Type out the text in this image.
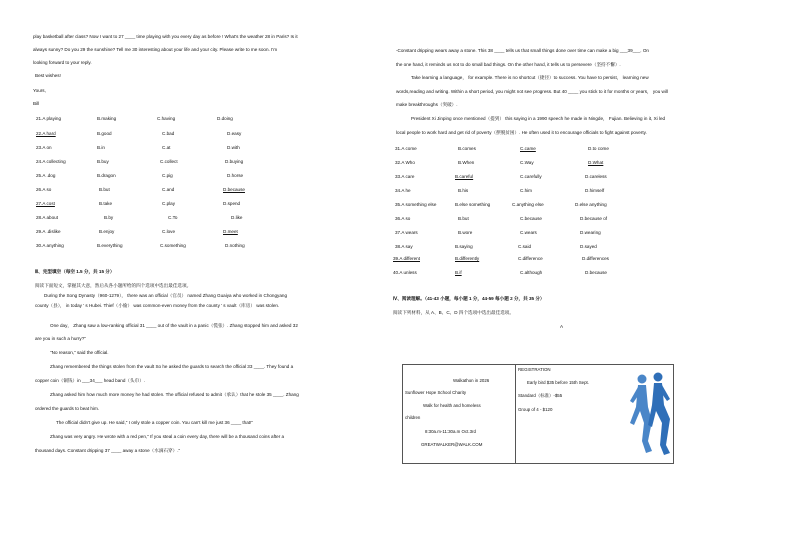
play basketball after class? Now I want to 27 ____ time playing with you every day as before ! What's the weather 28 in Paris? Is it
always sunny? Do you 29 the sunshine? Tell me 30 interesting about your life and your city. Please write to me soon. I'm
looking forward to your reply.
Best wishes!
Yours,
Bill
21.A playing	B.making	C.having	D.doing
22.A hard	B.good	C.bad	D.easy
23.A on	B.in	C.at	D.with
24.A collecting	B.buy	C.collect	D.buying
25.A .dog	B.dragon	C.pig	D.horse
26.A so	B.but	C.and	D.because
27.A cost	B.take	C.play	D.spend
28.A about	B.by	C.To	D.like
29.A .dislike	B.enjoy	C.love	D.meet
30.A anything	B.everything	C.something	D.nothing
Ⅲ、完型填空（每空 1.5 分，共 15 分）
阅读下面短文，掌握其大意，然后从各小题所给的四个选项中选出最佳选项。
During the Song Dynasty（960-1279）， there was an official（官员） named Zhang Guaiya who worked in Chongyang
county（县）， in today ' s Hubei. Thief（小偷） was common-even money from the county ' s vault（库房） was stolen.
One day， Zhang saw a low-ranking official 31 ____ out of the vault in a panic（慌张）. Zhang stopped him and asked 32
are you in such a hurry?"
"No reason," said the official.
Zhang remembered the things stolen from the vault So he asked the guards to search the official 33 ____. They found a
copper coin（铜钱）in ___34___ head band（头巾）.
Zhang asked him how much more money he had stolen. The official refused to admit（承认）that he stole 35 ____. Zhang
ordered the guards to beat him.
The official didn't give up. He said," I only stole a copper coin. You can't kill me just 36 ____ that!"
Zhang was very angry. He wrote with a red pen," If you steal a coin every day, there will be a thousand coins after a
thousand days. Constant dripping 37 ____ away a stone（水滴石穿）."
-Constant dripping wears away a stone. This 38 ____ tells us that small things done over time can make a big ___39___. On
the one hand, it reminds us not to do small bad things. On the other hand, it tells us to persevere（坚持不懈）.
Take learning a language， for example. There is no shortcut（捷径）to success. You have to persist， learning new
words,reading and writing. Within a short period, you might not see progress. But 40 ____ you stick to it for months or years， you will
make breakthroughs（突破）.
President Xi Jinping once mentioned（提到） this saying in a 1990 speech he made in Ningde， Fujian. Believing in it, Xi led
local people to work hard and get rid of poverty（摆脱贫困）. He often used it to encourage officials to fight against poverty.
31.A come	B.comes	C.came	D.to come
32.A Who	B.When	C.Way	D.What
33.A care	B.careful	C.carefully	D.careless
34.A he	B.his	C.him	D.himself
35.A something else	B.else something	C.anything else	D.else anything
36.A so	B.but	C.because	D.because of
37.A wears	B.wore	C.wears	D.wearing
38.A say	B.saying	C.said	D.sayed
39.A different	B.differently	C.difference	D.differences
40.A unless	B.if	C.although	D.because
Ⅳ、阅读理解。（41-43 小题，每小题 1 分，44-59 每小题 2 分，共 35 分）
阅读下列材料，从 A、B、C、D 四个选项中选出最佳选项。
A
Walkathon in 2026
Sunflower Hope School Charity
Walk for health and homeless
children
8:30a.m-11:30a.m Oct.3rd
GREATWALKER@WALK.COM
REGISTRATION
Early bird $35 before 15th Sept.
Standard（标准）-$55
Group of 4 - $120
